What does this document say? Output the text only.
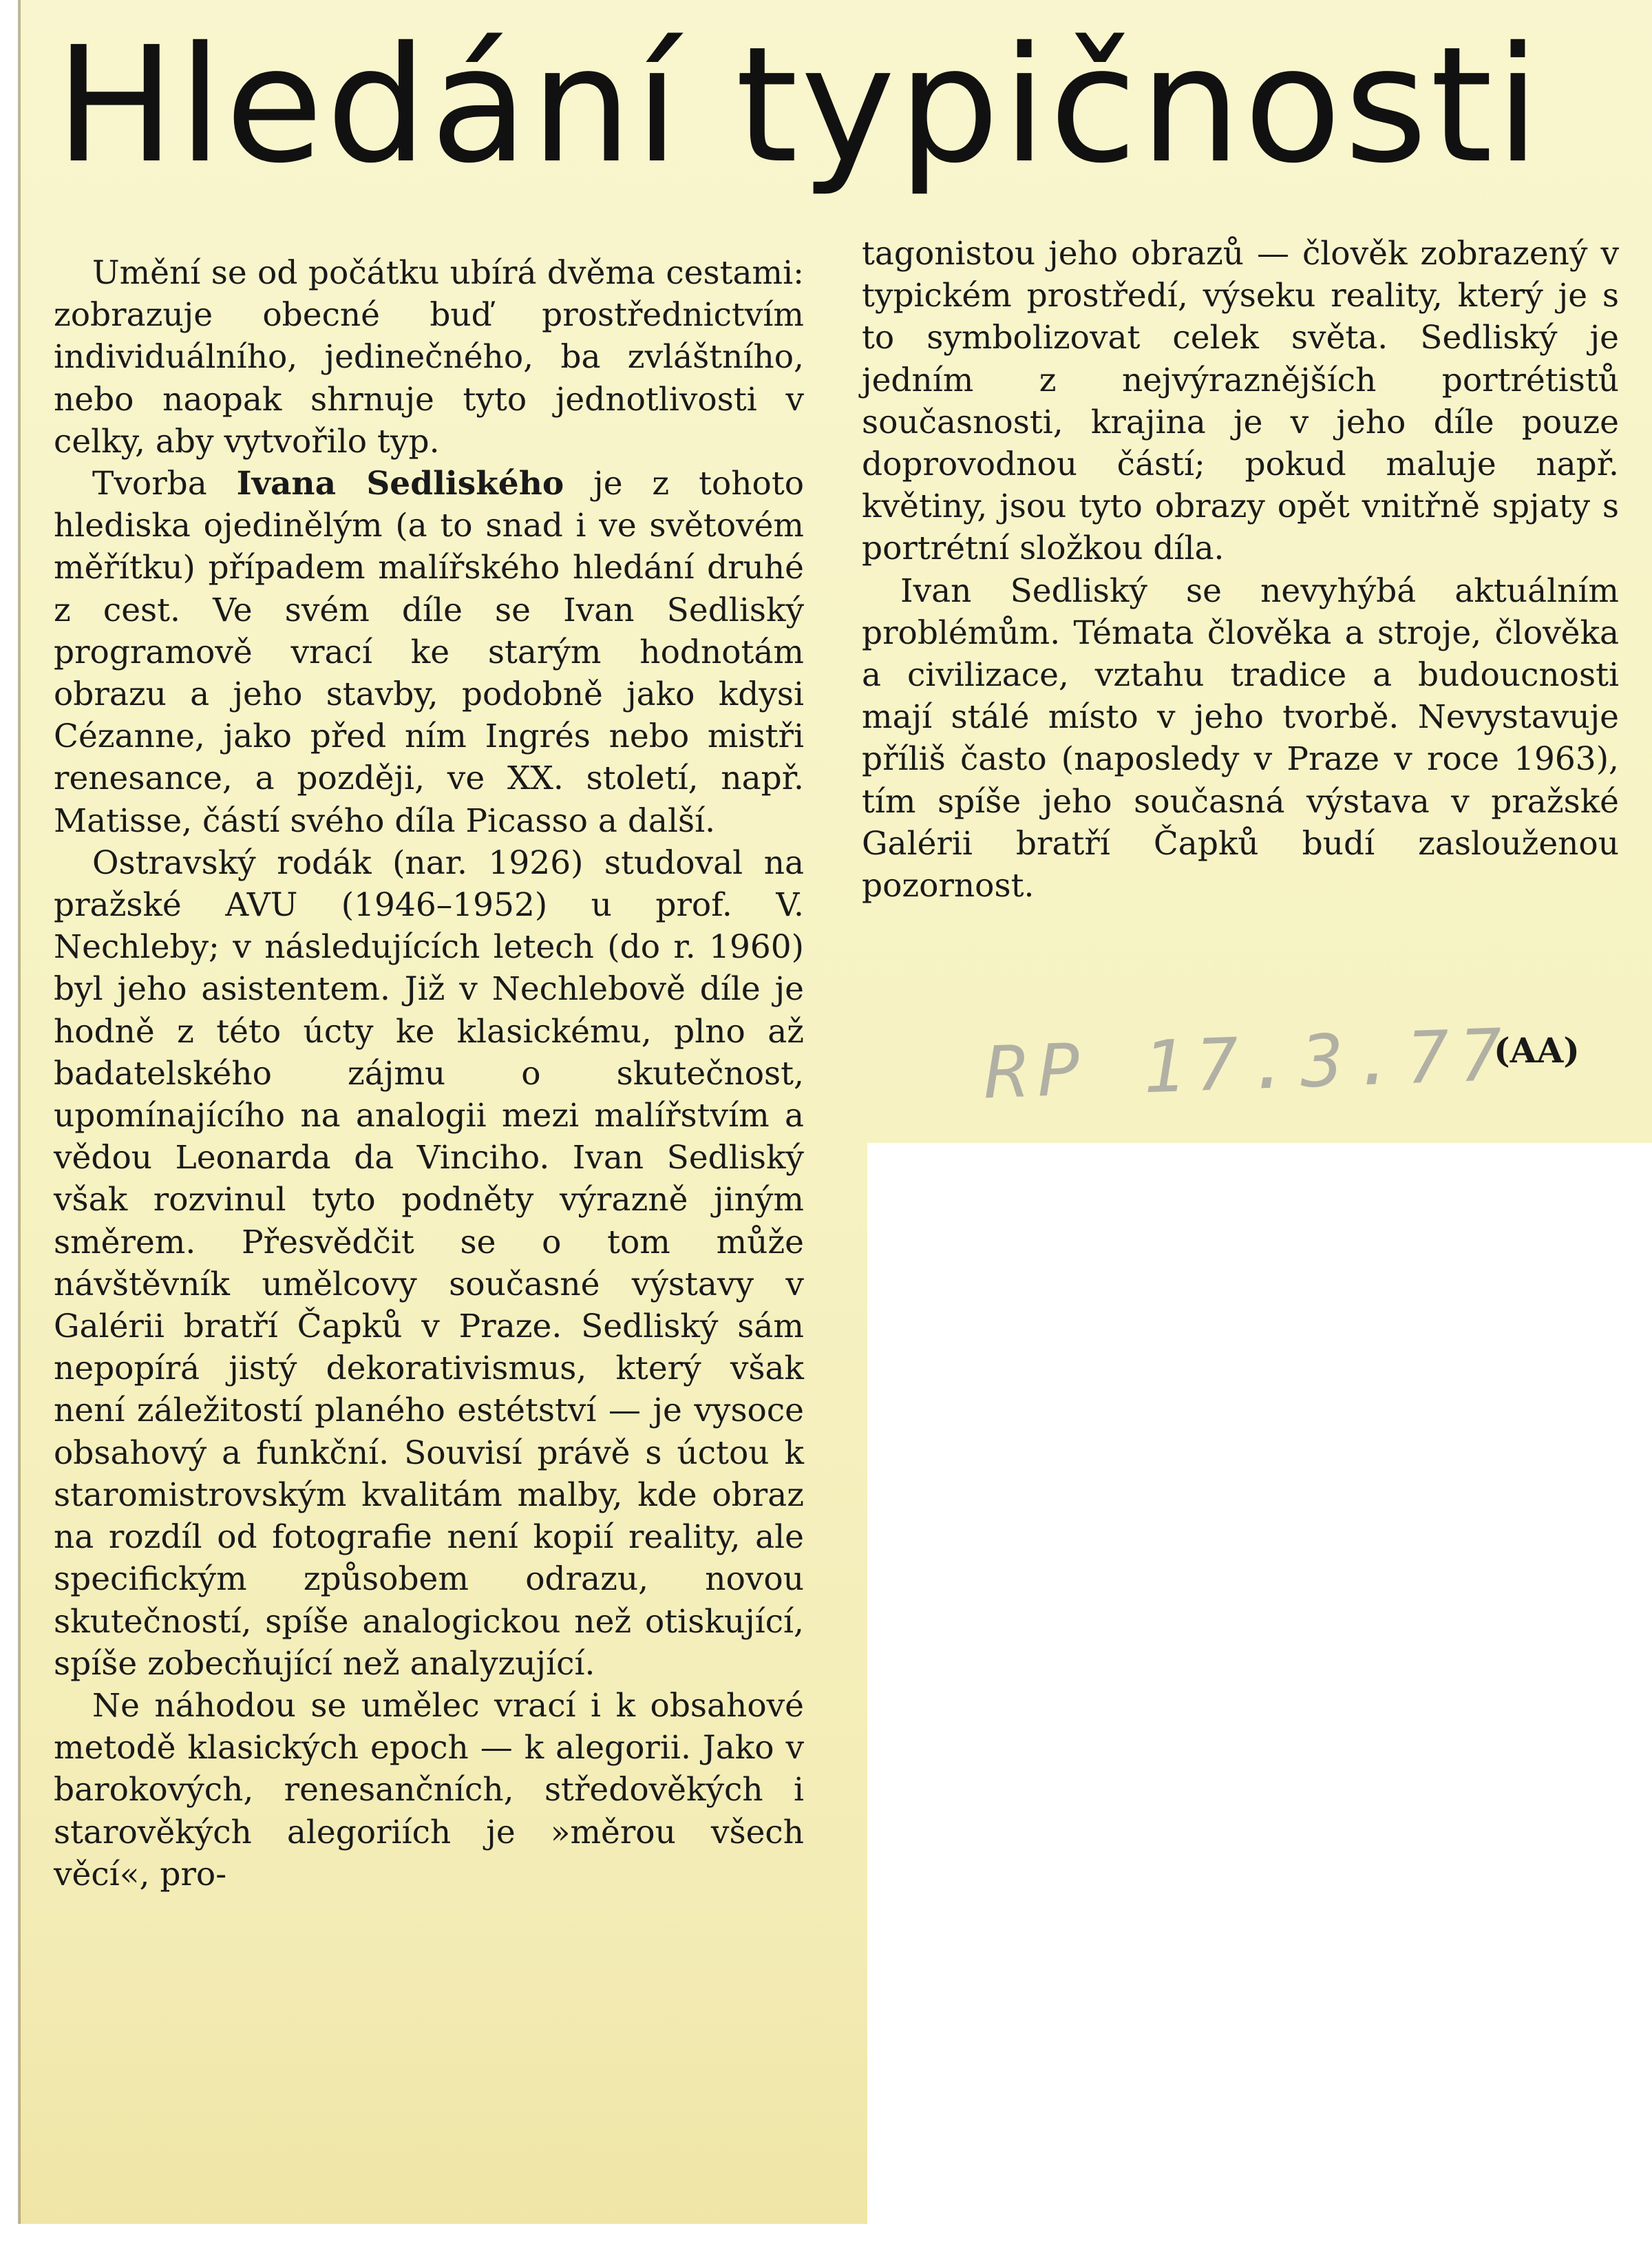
Hledání typičnosti

Umění se od počátku ubírá dvěma cestami: zobrazuje obecné buď prostřednictvím individuálního, jedinečného, ba zvláštního, nebo naopak shrnuje tyto jednotlivosti v celky, aby vytvořilo typ.

Tvorba Ivana Sedliského je z tohoto hlediska ojedinělým (a to snad i ve světovém měřítku) případem malířského hledání druhé z cest. Ve svém díle se Ivan Sedliský programově vrací ke starým hodnotám obrazu a jeho stavby, podobně jako kdysi Cézanne, jako před ním Ingrés nebo mistři renesance, a později, ve XX. století, např. Matisse, částí svého díla Picasso a další.

Ostravský rodák (nar. 1926) studoval na pražské AVU (1946–1952) u prof. V. Nechleby; v následujících letech (do r. 1960) byl jeho asistentem. Již v Nechlebově díle je hodně z této úcty ke klasickému, plno až badatelského zájmu o skutečnost, upomínajícího na analogii mezi malířstvím a vědou Leonarda da Vinciho. Ivan Sedliský však rozvinul tyto podněty výrazně jiným směrem. Přesvědčit se o tom může návštěvník umělcovy současné výstavy v Galérii bratří Čapků v Praze. Sedliský sám nepopírá jistý dekorativismus, který však není záležitostí planého estétství — je vysoce obsahový a funkční. Souvisí právě s úctou k staromistrovským kvalitám malby, kde obraz na rozdíl od fotografie není kopií reality, ale specifickým způsobem odrazu, novou skutečností, spíše analogickou než otiskující, spíše zobecňující než analyzující.

Ne náhodou se umělec vrací i k obsahové metodě klasických epoch — k alegorii. Jako v barokových, renesančních, středověkých i starověkých alegoriích je »měrou všech věcí«, pro-

tagonistou jeho obrazů — člověk zobrazený v typickém prostředí, výseku reality, který je s to symbolizovat celek světa. Sedliský je jedním z nejvýraznějších portrétistů současnosti, krajina je v jeho díle pouze doprovodnou částí; pokud maluje např. květiny, jsou tyto obrazy opět vnitřně spjaty s portrétní složkou díla.

Ivan Sedliský se nevyhýbá aktuálním problémům. Témata člověka a stroje, člověka a civilizace, vztahu tradice a budoucnosti mají stálé místo v jeho tvorbě. Nevystavuje příliš často (naposledy v Praze v roce 1963), tím spíše jeho současná výstava v pražské Galérii bratří Čapků budí zaslouženou pozornost.

RP 17.3.77
(AA)
